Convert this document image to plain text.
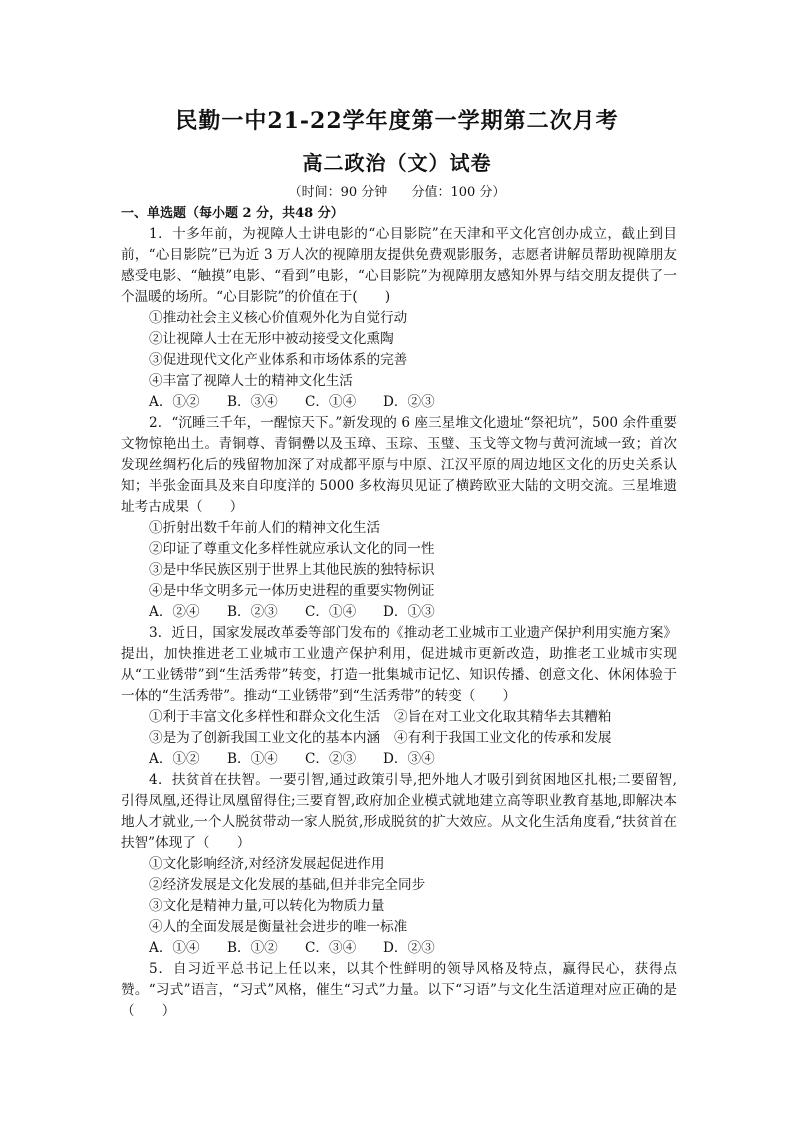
民勤一中21-22学年度第一学期第二次月考
高二政治（文）试卷
（时间：90 分钟 分值：100 分）
一、单选题（每小题 2 分，共48 分）
1．十多年前，为视障人士讲电影的“心目影院”在天津和平文化宫创办成立，截止到目前，“心目影院”已为近 3 万人次的视障朋友提供免费观影服务，志愿者讲解员帮助视障朋友感受电影、“触摸”电影、“看到”电影，“心目影院”为视障朋友感知外界与结交朋友提供了一个温暖的场所。“心目影院”的价值在于(　　)
①推动社会主义核心价值观外化为自觉行动
②让视障人士在无形中被动接受文化熏陶
③促进现代文化产业体系和市场体系的完善
④丰富了视障人士的精神文化生活
A．①② B．③④ C．①④ D．②③
2．“沉睡三千年，一醒惊天下。”新发现的 6 座三星堆文化遗址“祭祀坑”，500 余件重要文物惊艳出土。青铜尊、青铜罍以及玉璋、玉琮、玉璧、玉戈等文物与黄河流域一致；首次发现丝绸朽化后的残留物加深了对成都平原与中原、江汉平原的周边地区文化的历史关系认知；半张金面具及来自印度洋的 5000 多枚海贝见证了横跨欧亚大陆的文明交流。三星堆遗址考古成果（　　）
①折射出数千年前人们的精神文化生活
②印证了尊重文化多样性就应承认文化的同一性
③是中华民族区别于世界上其他民族的独特标识
④是中华文明多元一体历史进程的重要实物例证
A．②④ B．②③ C．①④ D．①③
3．近日，国家发展改革委等部门发布的《推动老工业城市工业遗产保护利用实施方案》提出，加快推进老工业城市工业遗产保护利用，促进城市更新改造，助推老工业城市实现从“工业锈带”到“生活秀带”转变，打造一批集城市记忆、知识传播、创意文化、休闲体验于一体的“生活秀带”。推动“工业锈带”到“生活秀带”的转变（　　）
①利于丰富文化多样性和群众文化生活	②旨在对工业文化取其精华去其糟粕
③是为了创新我国工业文化的基本内涵	④有利于我国工业文化的传承和发展
A．①② B．①④ C．②③ D．③④
4．扶贫首在扶智。一要引智,通过政策引导,把外地人才吸引到贫困地区扎根;二要留智,引得凤凰,还得让凤凰留得住;三要育智,政府加企业模式就地建立高等职业教育基地,即解决本地人才就业,一个人脱贫带动一家人脱贫,形成脱贫的扩大效应。从文化生活角度看,“扶贫首在扶智”体现了（　　）
①文化影响经济,对经济发展起促进作用
②经济发展是文化发展的基础,但并非完全同步
③文化是精神力量,可以转化为物质力量
④人的全面发展是衡量社会进步的唯一标准
A．①④ B．①② C．③④ D．②③
5．自习近平总书记上任以来，以其个性鲜明的领导风格及特点，赢得民心，获得点赞。“习式”语言，“习式”风格，催生“习式”力量。以下“习语”与文化生活道理对应正确的是（　　）
